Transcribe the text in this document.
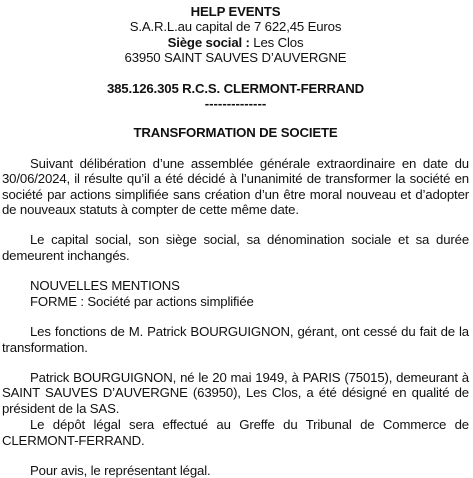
HELP EVENTS
S.A.R.L.au capital de 7 622,45 Euros
Siège social : Les Clos
63950 SAINT SAUVES D’AUVERGNE
385.126.305 R.C.S. CLERMONT-FERRAND
--------------
TRANSFORMATION DE SOCIETE

Suivant délibération d’une assemblée générale extraordinaire en date du 30/06/2024, il résulte qu’il a été décidé à l’unanimité de transformer la société en société par actions simplifiée sans création d’un être moral nouveau et d’adopter de nouveaux statuts à compter de cette même date.

Le capital social, son siège social, sa dénomination sociale et sa durée demeurent inchangés.

NOUVELLES MENTIONS
FORME : Société par actions simplifiée

Les fonctions de M. Patrick BOURGUIGNON, gérant, ont cessé du fait de la transformation.

Patrick BOURGUIGNON, né le 20 mai 1949, à PARIS (75015), demeurant à SAINT SAUVES D’AUVERGNE (63950), Les Clos, a été désigné en qualité de président de la SAS.

Le dépôt légal sera effectué au Greffe du Tribunal de Commerce de CLERMONT-FERRAND.

Pour avis, le représentant légal.
